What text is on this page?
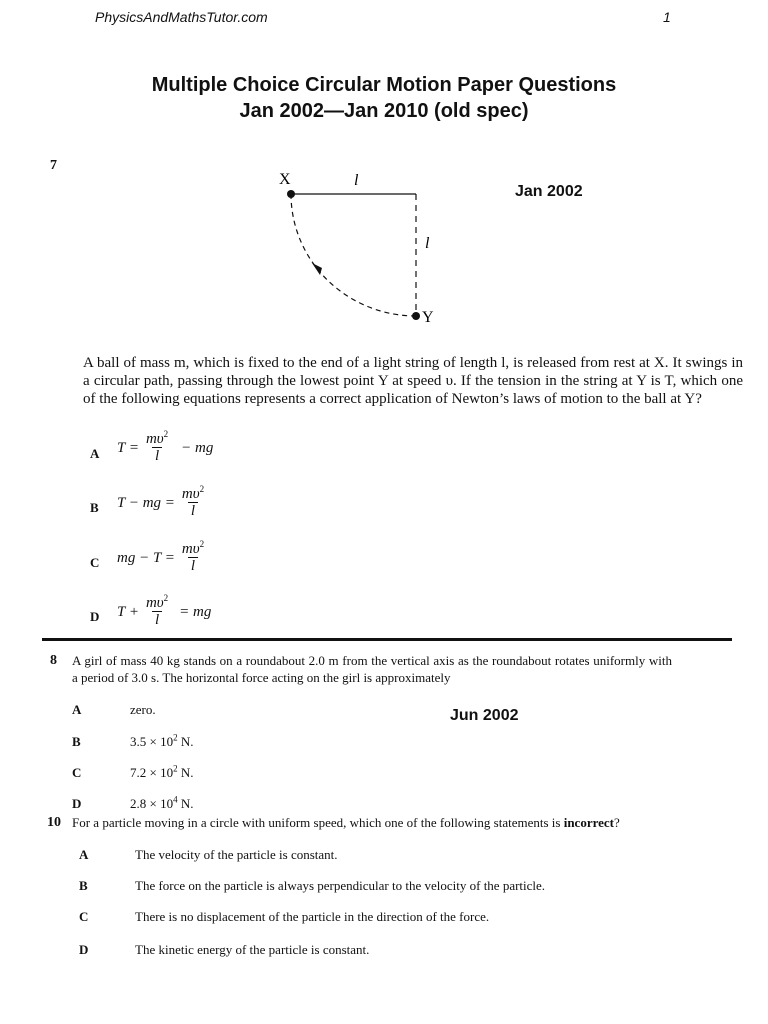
PhysicsAndMathsTutor.com	1
Multiple Choice Circular Motion Paper Questions
Jan 2002—Jan 2010 (old spec)
7
Jan 2002
X	l
l
Y
A ball of mass m, which is fixed to the end of a light string of length l, is released from rest at X. It swings in a circular path, passing through the lowest point Y at speed υ. If the tension in the string at Y is T, which one of the following equations represents a correct application of Newton’s laws of motion to the ball at Y?
A $T = \frac{m\upsilon^2}{l}$ − mg
B T − mg = $\frac{m\upsilon^2}{l}$
C mg − $T = \frac{m\upsilon^2}{l}$
D $T + \frac{m\upsilon^2}{l}$ = mg
8 A girl of mass 40 kg stands on a roundabout 2.0 m from the vertical axis as the roundabout rotates uniformly with a period of 3.0 s. The horizontal force acting on the girl is approximately
Jun 2002
A	zero.
B	$3.5 \times 10^2$ N.
C	$7.2 \times 10^2$ N.
D	$2.8 \times 10^4$ N.
10 For a particle moving in a circle with uniform speed, which one of the following statements is incorrect?
A	The velocity of the particle is constant.
B	The force on the particle is always perpendicular to the velocity of the particle.
C	There is no displacement of the particle in the direction of the force.
D	The kinetic energy of the particle is constant.
